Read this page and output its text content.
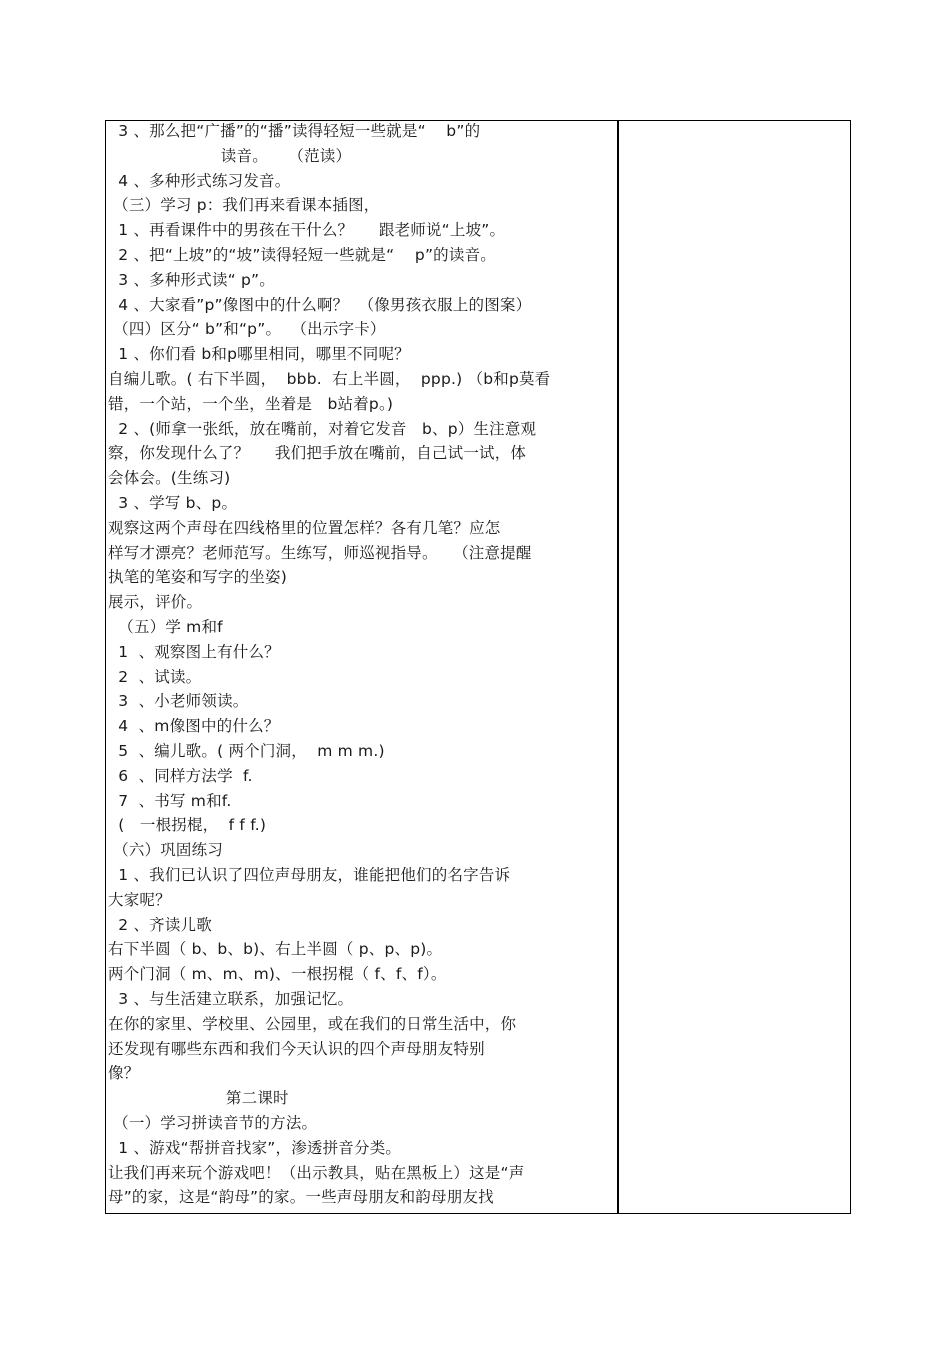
3 、那么把“广播”的“播”读得轻短一些就是“    b”的
读音。    （范读）
4 、多种形式练习发音。
（三）学习 p：我们再来看课本插图，
1 、再看课件中的男孩在干什么？     跟老师说“上坡”。
2 、把“上坡”的“坡”读得轻短一些就是“    p”的读音。
3 、多种形式读“ p”。
4 、大家看”p”像图中的什么啊？  （像男孩衣服上的图案）
（四）区分“ b”和“p”。  （出示字卡）
1 、你们看 b和p哪里相同，哪里不同呢？
自编儿歌。( 右下半圆，  bbb.  右上半圆，  ppp.) （b和p莫看
错，一个站，一个坐，坐着是   b站着p。)
2 、(师拿一张纸，放在嘴前，对着它发音   b、p）生注意观
察，你发现什么了？     我们把手放在嘴前，自己试一试，体
会体会。(生练习)
3 、学写 b、p。
观察这两个声母在四线格里的位置怎样？各有几笔？应怎
样写才漂亮？老师范写。生练写，师巡视指导。   （注意提醒
执笔的笔姿和写字的坐姿)
展示，评价。
（五）学 m和f
1  、观察图上有什么？
2  、试读。
3  、小老师领读。
4  、m像图中的什么？
5  、编儿歌。( 两个门洞，  m m m.)
6  、同样方法学  f.
7  、书写 m和f.
(   一根拐棍，  f f f.)
（六）巩固练习
1 、我们已认识了四位声母朋友，谁能把他们的名字告诉
大家呢？
2 、齐读儿歌
右下半圆（ b、b、b)、右上半圆（ p、p、p)。
两个门洞（ m、m、m)、一根拐棍（ f、f、f）。
3 、与生活建立联系，加强记忆。
在你的家里、学校里、公园里，或在我们的日常生活中，你
还发现有哪些东西和我们今天认识的四个声母朋友特别
像？
第二课时
（一）学习拼读音节的方法。
1 、游戏“帮拼音找家”，渗透拼音分类。
让我们再来玩个游戏吧！（出示教具，贴在黑板上）这是“声
母”的家，这是“韵母”的家。一些声母朋友和韵母朋友找
